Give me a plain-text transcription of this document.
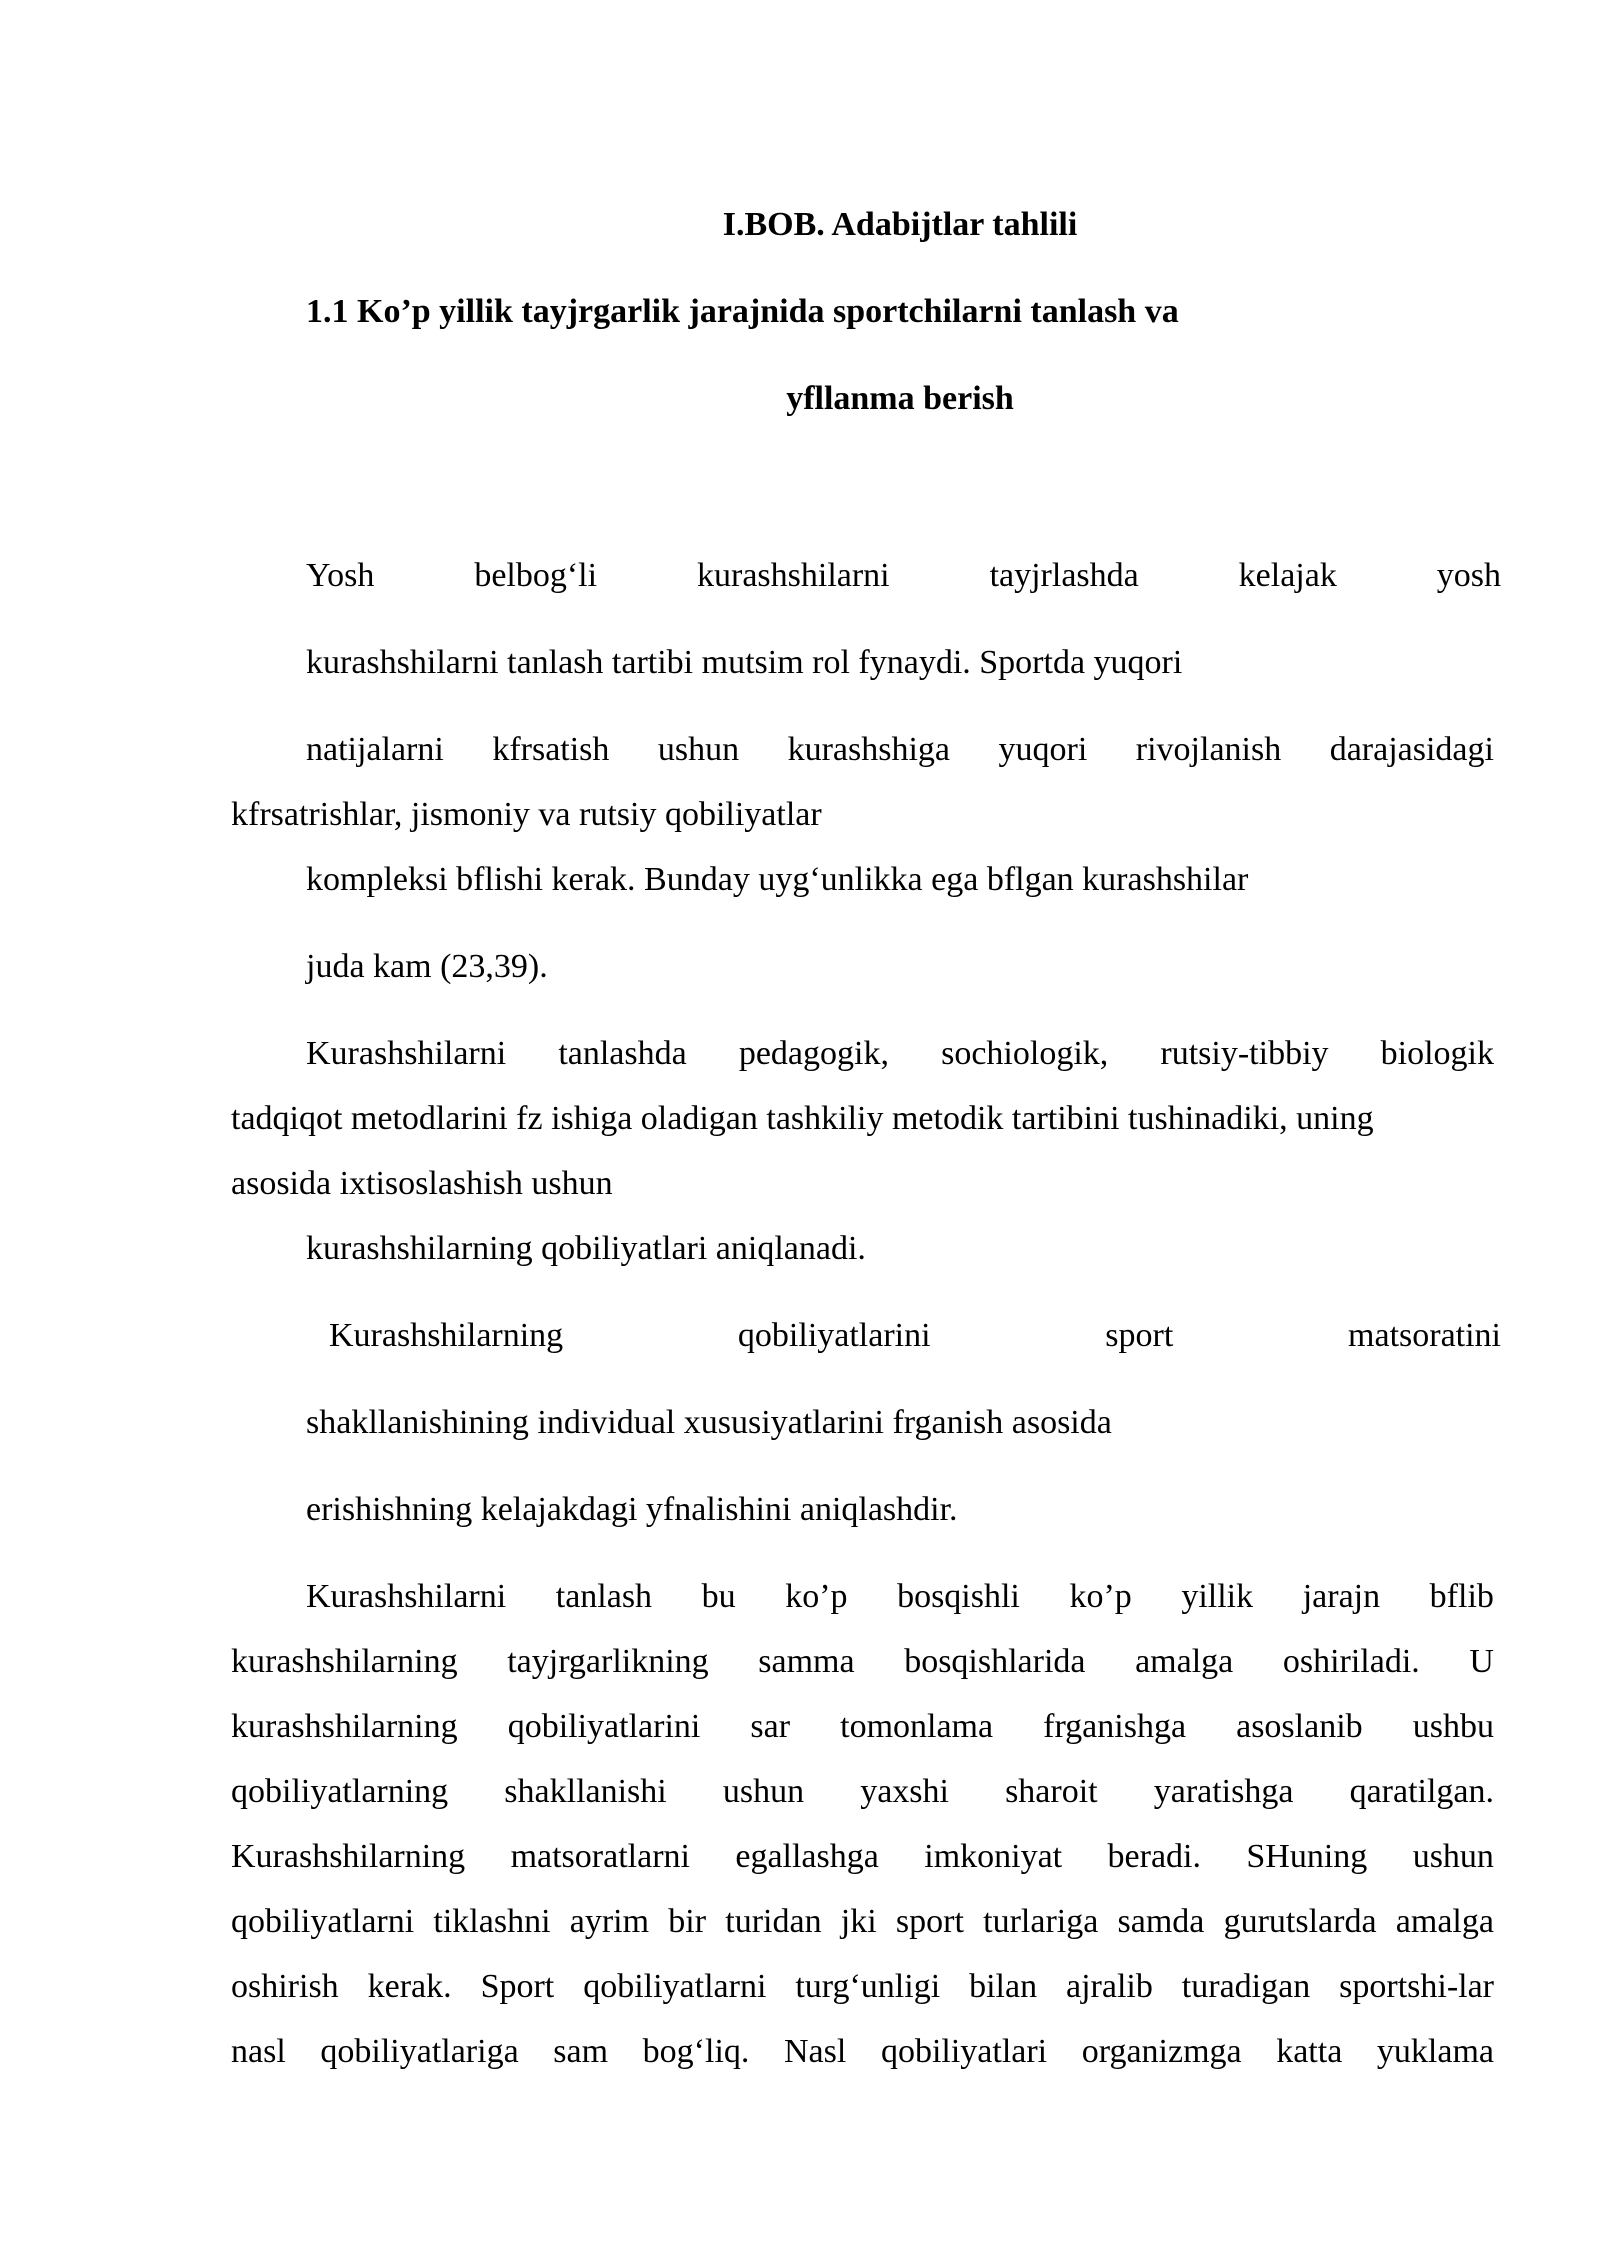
I.BOB. Adabijtlar tahlili
1.1 Ko’p yillik tayjrgarlik jarajnida sportchilarni tanlash va
yfllanma berish
Yosh	belbog‘li	kurashshilarni	tayjrlashda	kelajak	yosh
kurashshilarni tanlash tartibi mutsim rol fynaydi. Sportda yuqori
natijalarni kfrsatish ushun kurashshiga yuqori rivojlanish darajasidagi
kfrsatrishlar, jismoniy va rutsiy qobiliyatlar
kompleksi bflishi kerak. Bunday uyg‘unlikka ega bflgan kurashshilar
juda kam (23,39).
Kurashshilarni tanlashda pedagogik, sochiologik, rutsiy-tibbiy biologik
tadqiqot metodlarini fz ishiga oladigan tashkiliy metodik tartibini tushinadiki, uning
asosida ixtisoslashish ushun
kurashshilarning qobiliyatlari aniqlanadi.
Kurashshilarning	qobiliyatlarini	sport	matsoratini
shakllanishining individual xususiyatlarini frganish asosida
erishishning kelajakdagi yfnalishini aniqlashdir.
Kurashshilarni tanlash bu ko’p bosqishli ko’p yillik jarajn bflib
kurashshilarning tayjrgarlikning samma bosqishlarida amalga oshiriladi. U
kurashshilarning qobiliyatlarini sar tomonlama frganishga asoslanib ushbu
qobiliyatlarning shakllanishi ushun yaxshi sharoit yaratishga qaratilgan.
Kurashshilarning matsoratlarni egallashga imkoniyat beradi. SHuning ushun
qobiliyatlarni tiklashni ayrim bir turidan jki sport turlariga samda gurutslarda amalga
oshirish kerak. Sport qobiliyatlarni turg‘unligi bilan ajralib turadigan sportshi-lar
nasl qobiliyatlariga sam bog‘liq. Nasl qobiliyatlari organizmga katta yuklama
